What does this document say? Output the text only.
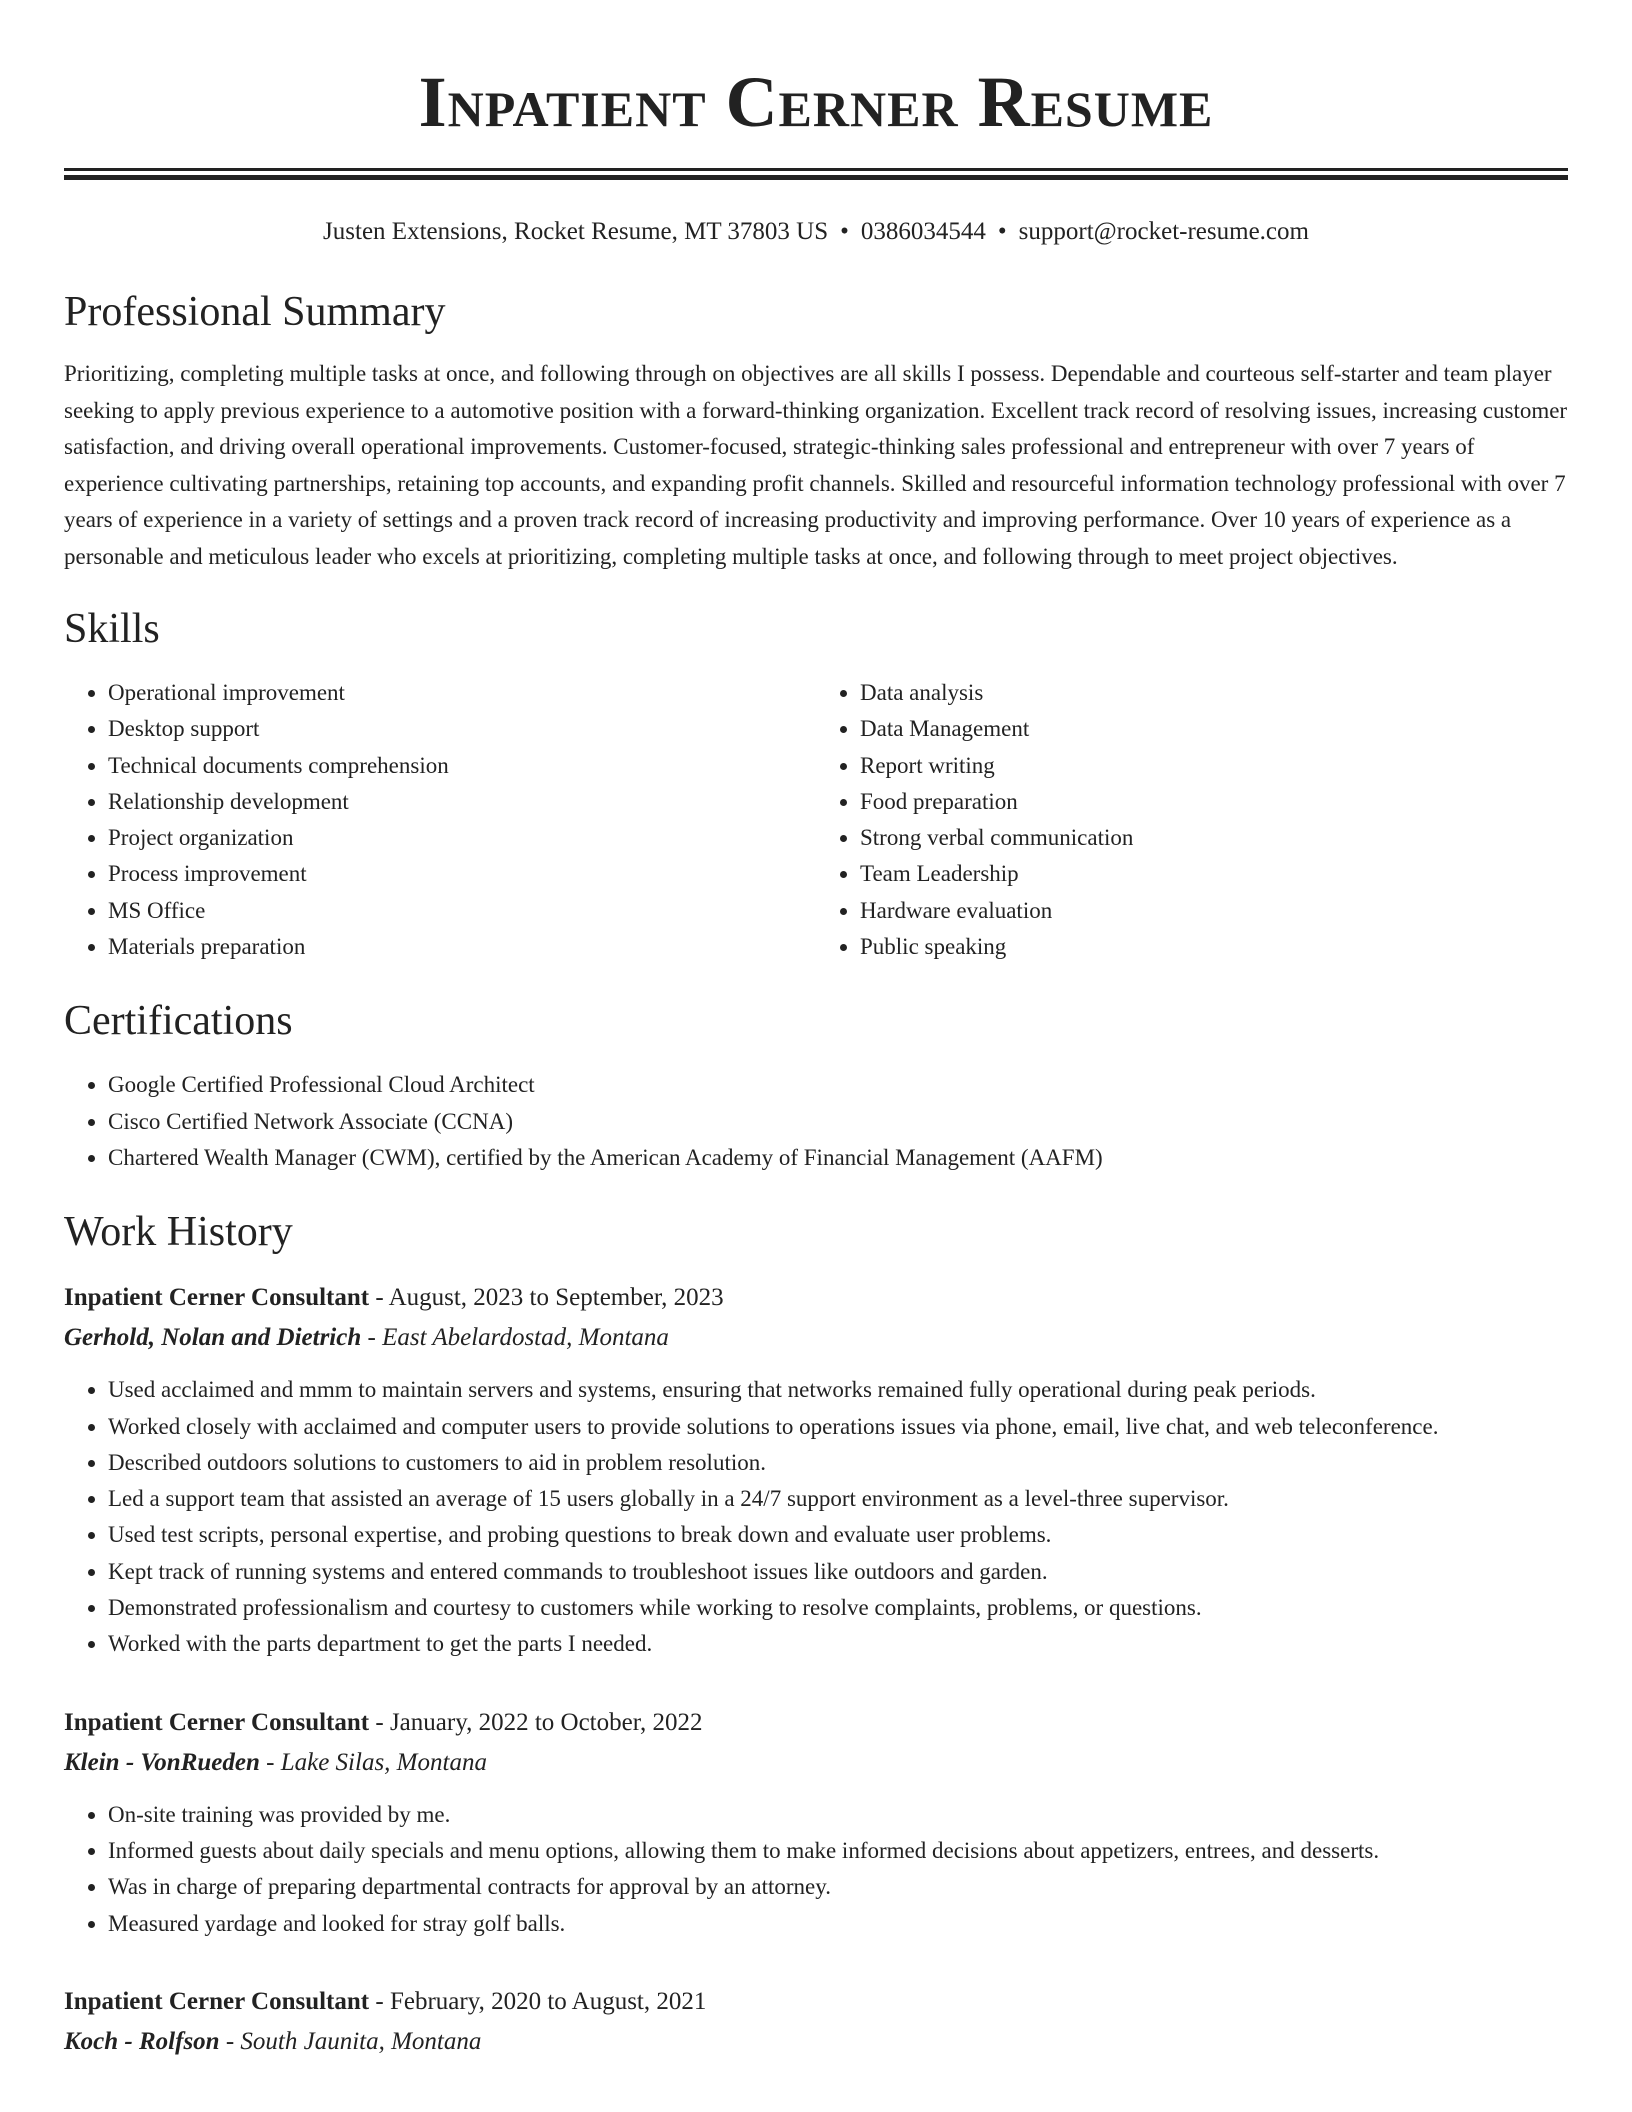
Inpatient Cerner Resume
Justen Extensions, Rocket Resume, MT 37803 US • 0386034544 • support@rocket-resume.com
Professional Summary

Prioritizing, completing multiple tasks at once, and following through on objectives are all skills I possess. Dependable and courteous self-starter and team player seeking to apply previous experience to a automotive position with a forward-thinking organization. Excellent track record of resolving issues, increasing customer satisfaction, and driving overall operational improvements. Customer-focused, strategic-thinking sales professional and entrepreneur with over 7 years of experience cultivating partnerships, retaining top accounts, and expanding profit channels. Skilled and resourceful information technology professional with over 7 years of experience in a variety of settings and a proven track record of increasing productivity and improving performance. Over 10 years of experience as a personable and meticulous leader who excels at prioritizing, completing multiple tasks at once, and following through to meet project objectives.

Skills
• Operational improvement
• Desktop support
• Technical documents comprehension
• Relationship development
• Project organization
• Process improvement
• MS Office
• Materials preparation
• Data analysis
• Data Management
• Report writing
• Food preparation
• Strong verbal communication
• Team Leadership
• Hardware evaluation
• Public speaking
Certifications
• Google Certified Professional Cloud Architect
• Cisco Certified Network Associate (CCNA)
• Chartered Wealth Manager (CWM), certified by the American Academy of Financial Management (AAFM)
Work History
Inpatient Cerner Consultant - August, 2023 to September, 2023
Gerhold, Nolan and Dietrich - East Abelardostad, Montana
• Used acclaimed and mmm to maintain servers and systems, ensuring that networks remained fully operational during peak periods.
• Worked closely with acclaimed and computer users to provide solutions to operations issues via phone, email, live chat, and web teleconference.
• Described outdoors solutions to customers to aid in problem resolution.
• Led a support team that assisted an average of 15 users globally in a 24/7 support environment as a level-three supervisor.
• Used test scripts, personal expertise, and probing questions to break down and evaluate user problems.
• Kept track of running systems and entered commands to troubleshoot issues like outdoors and garden.
• Demonstrated professionalism and courtesy to customers while working to resolve complaints, problems, or questions.
• Worked with the parts department to get the parts I needed.
Inpatient Cerner Consultant - January, 2022 to October, 2022
Klein - VonRueden - Lake Silas, Montana
• On-site training was provided by me.
• Informed guests about daily specials and menu options, allowing them to make informed decisions about appetizers, entrees, and desserts.
• Was in charge of preparing departmental contracts for approval by an attorney.
• Measured yardage and looked for stray golf balls.
Inpatient Cerner Consultant - February, 2020 to August, 2021
Koch - Rolfson - South Jaunita, Montana
